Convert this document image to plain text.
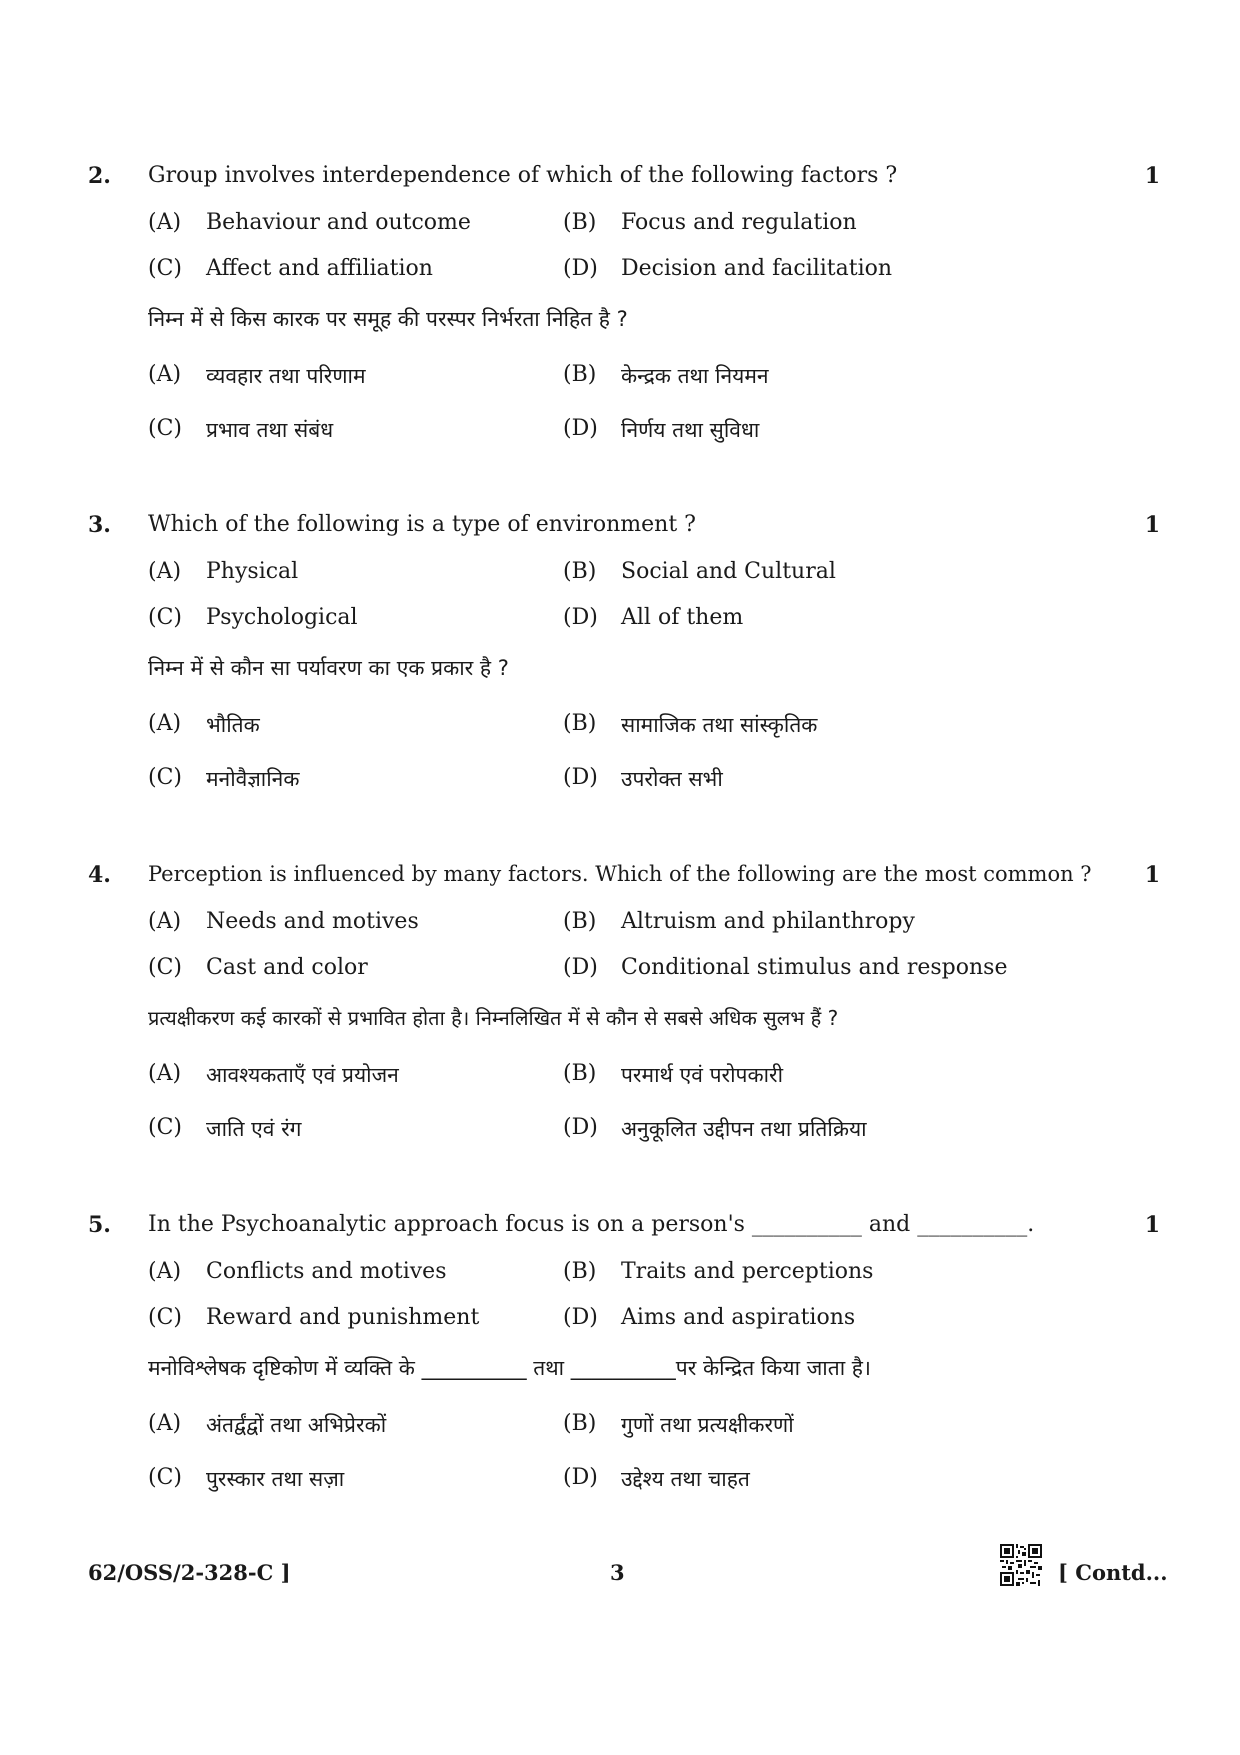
2. Group involves interdependence of which of the following factors ?	1
(A) Behaviour and outcome	(B) Focus and regulation
(C) Affect and affiliation	(D) Decision and facilitation
निम्न में से किस कारक पर समूह की परस्पर निर्भरता निहित है ?
(A) व्यवहार तथा परिणाम	(B) केन्द्रक तथा नियमन
(C) प्रभाव तथा संबंध	(D) निर्णय तथा सुविधा
3. Which of the following is a type of environment ?	1
(A) Physical	(B) Social and Cultural
(C) Psychological	(D) All of them
निम्न में से कौन सा पर्यावरण का एक प्रकार है ?
(A) भौतिक	(B) सामाजिक तथा सांस्कृतिक
(C) मनोवैज्ञानिक	(D) उपरोक्त सभी
4. Perception is influenced by many factors. Which of the following are the most common ? 1
(A) Needs and motives	(B) Altruism and philanthropy
(C) Cast and color	(D) Conditional stimulus and response
प्रत्यक्षीकरण कई कारकों से प्रभावित होता है। निम्नलिखित में से कौन से सबसे अधिक सुलभ हैं ?
(A) आवश्यकताएँ एवं प्रयोजन	(B) परमार्थ एवं परोपकारी
(C) जाति एवं रंग	(D) अनुकूलित उद्दीपन तथा प्रतिक्रिया
5. In the Psychoanalytic approach focus is on a person's __________ and __________.	1
(A) Conflicts and motives	(B) Traits and perceptions
(C) Reward and punishment	(D) Aims and aspirations
मनोविश्लेषक दृष्टिकोण में व्यक्ति के __________ तथा __________पर केन्द्रित किया जाता है।
(A) अंतर्द्वंद्वों तथा अभिप्रेरकों	(B) गुणों तथा प्रत्यक्षीकरणों
(C) पुरस्कार तथा सज़ा	(D) उद्देश्य तथा चाहत
62/OSS/2-328-C ]	3	[ Contd...
